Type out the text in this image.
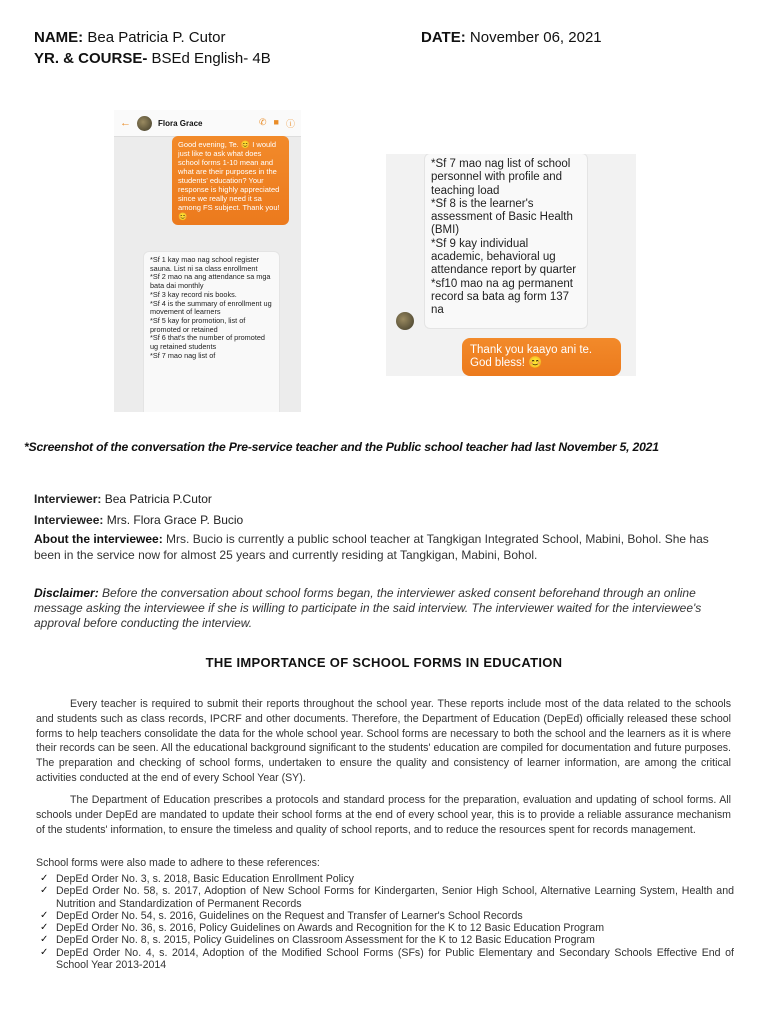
NAME: Bea Patricia P. Cutor	DATE: November 06, 2021
YR. & COURSE- BSEd English- 4B
←	Flora Grace	✆ ■ ⓘ
Good evening, Te. 😊 I would just like to ask what does school forms 1-10 mean and what are their purposes in the students' education? Your response is highly appreciated since we really need it sa among FS subject. Thank you! 😊
*Sf 1 kay mao nag school register sauna. List ni sa class enrollment
*Sf 2 mao na ang attendance sa mga bata dai monthly
*Sf 3 kay record nis books.
*Sf 4 is the summary of enrollment ug movement of learners
*Sf 5 kay for promotion, list of promoted or retained
*Sf 6 that's the number of promoted ug retained students
*Sf 7 mao nag list of
*Sf 7 mao nag list of school personnel with profile and teaching load
*Sf 8 is the learner's assessment of Basic Health (BMI)
*Sf 9 kay individual academic, behavioral ug attendance report by quarter
*sf10 mao na ag permanent record sa bata ag form 137 na
Thank you kaayo ani te. God bless! 😊
*Screenshot of the conversation the Pre-service teacher and the Public school teacher had last November 5, 2021
Interviewer: Bea Patricia P.Cutor
Interviewee: Mrs. Flora Grace P. Bucio
About the interviewee: Mrs. Bucio is currently a public school teacher at Tangkigan Integrated School, Mabini, Bohol. She has been in the service now for almost 25 years and currently residing at Tangkigan, Mabini, Bohol.
Disclaimer: Before the conversation about school forms began, the interviewer asked consent beforehand through an online message asking the interviewee if she is willing to participate in the said interview. The interviewer waited for the interviewee's approval before conducting the interview.
THE IMPORTANCE OF SCHOOL FORMS IN EDUCATION
Every teacher is required to submit their reports throughout the school year. These reports include most of the data related to the schools and students such as class records, IPCRF and other documents. Therefore, the Department of Education (DepEd) officially released these school forms to help teachers consolidate the data for the whole school year. School forms are necessary to both the school and the learners as it is where their records can be seen. All the educational background significant to the students' education are compiled for documentation and future purposes. The preparation and checking of school forms, undertaken to ensure the quality and consistency of learner information, are among the critical activities conducted at the end of every School Year (SY).
The Department of Education prescribes a protocols and standard process for the preparation, evaluation and updating of school forms. All schools under DepEd are mandated to update their school forms at the end of every school year, this is to provide a reliable assurance mechanism of the students' information, to ensure the timeless and quality of school reports, and to reduce the resources spent for records management.
School forms were also made to adhere to these references:
✓ DepEd Order No. 3, s. 2018, Basic Education Enrollment Policy
✓ DepEd Order No. 58, s. 2017, Adoption of New School Forms for Kindergarten, Senior High School, Alternative Learning System, Health and Nutrition and Standardization of Permanent Records
✓ DepEd Order No. 54, s. 2016, Guidelines on the Request and Transfer of Learner's School Records
✓ DepEd Order No. 36, s. 2016, Policy Guidelines on Awards and Recognition for the K to 12 Basic Education Program
✓ DepEd Order No. 8, s. 2015, Policy Guidelines on Classroom Assessment for the K to 12 Basic Education Program
✓ DepEd Order No. 4, s. 2014, Adoption of the Modified School Forms (SFs) for Public Elementary and Secondary Schools Effective End of School Year 2013-2014
